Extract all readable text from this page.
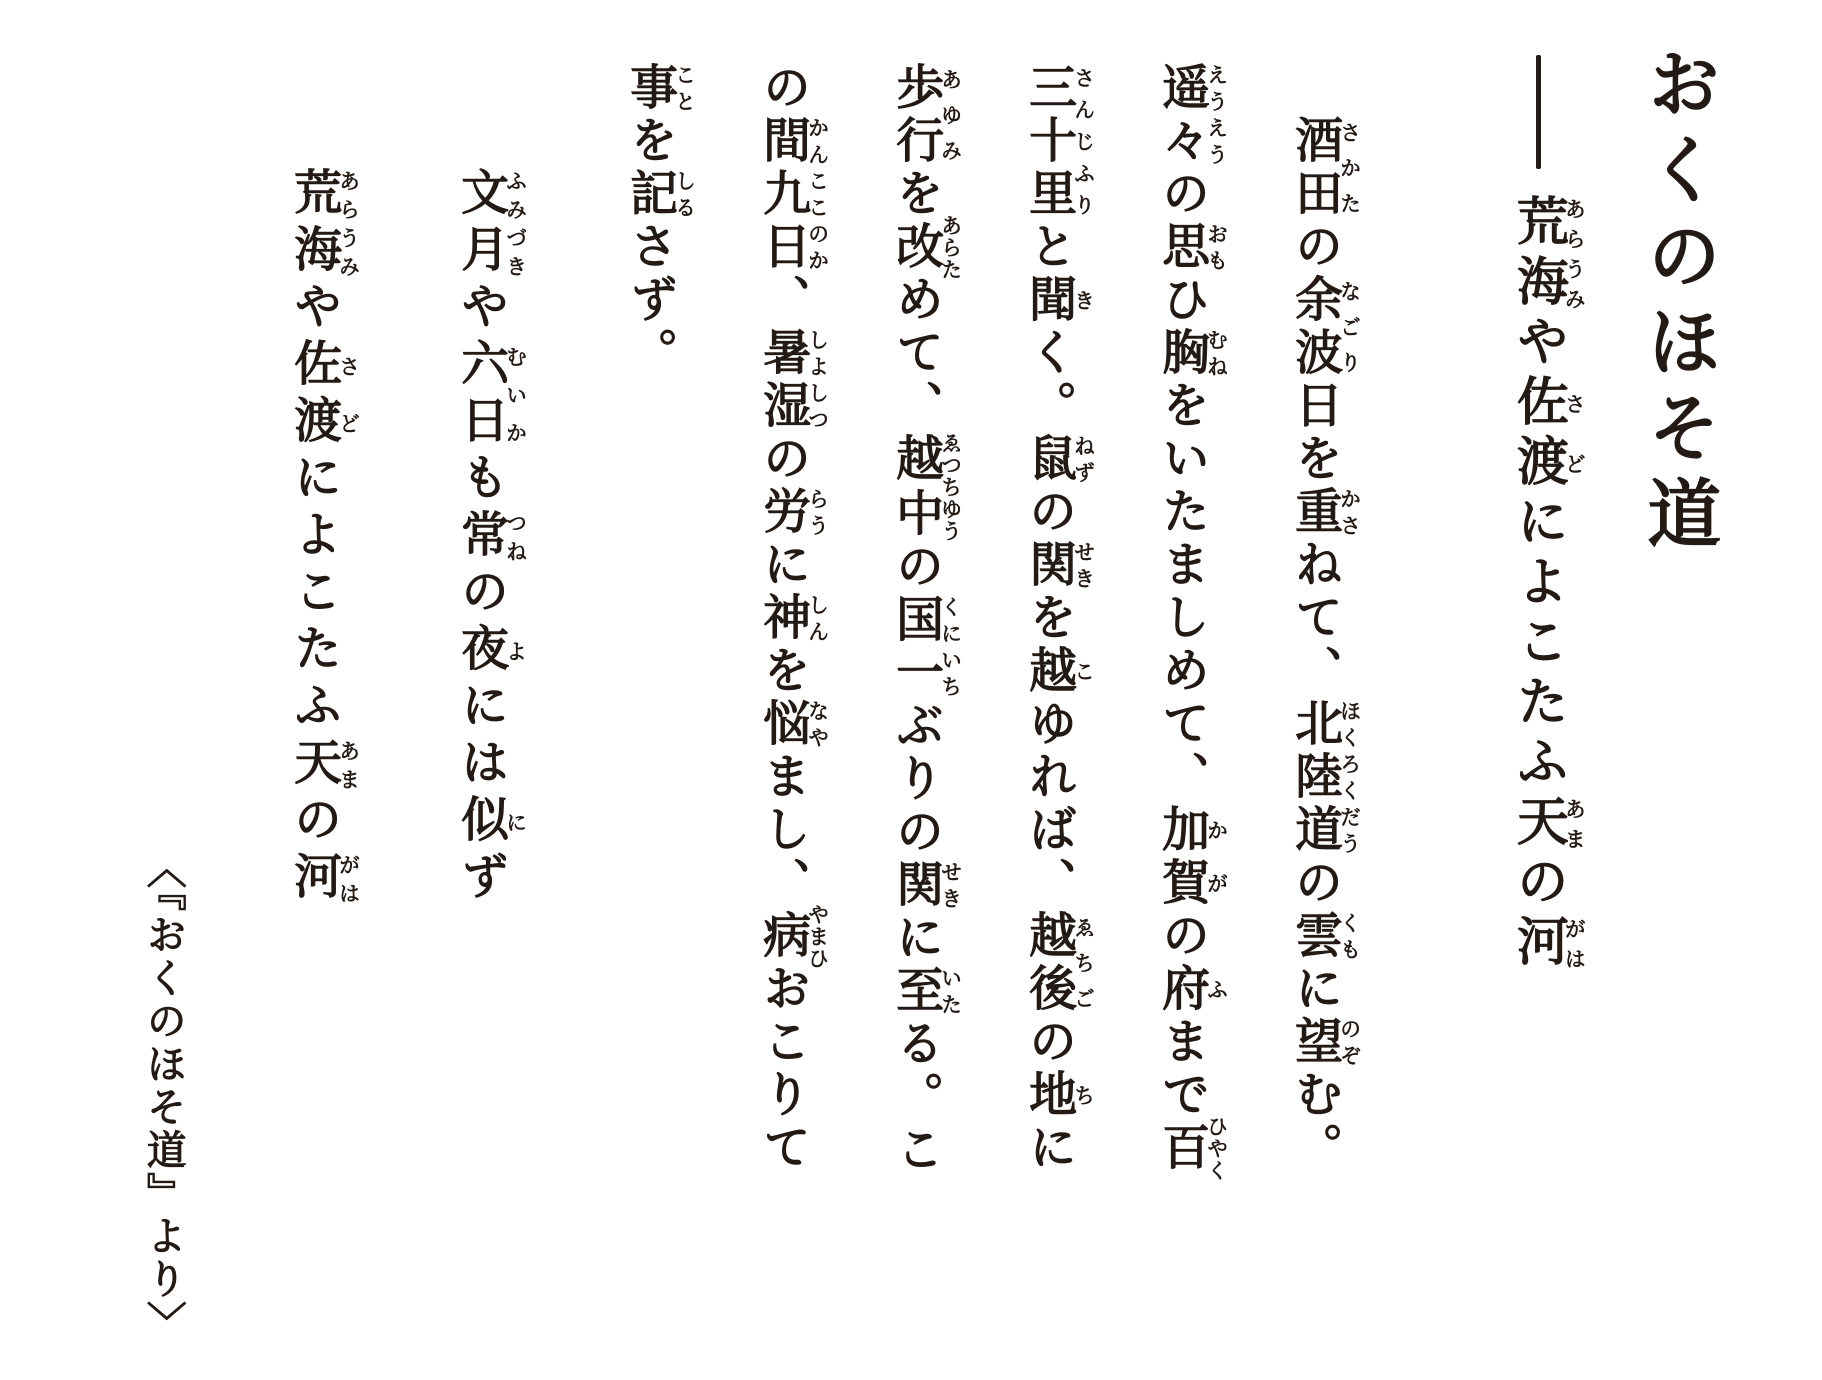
おくのほそ道
荒海あらうみや佐渡さどによこたふ天あまの河がは
酒田さかたの余波なごり日を重かさねて、北陸道ほくろくだうの雲くもに望のぞむ。
遥々えうえうの思おもひ胸むねをいたましめて、加賀かがの府ふまで百ひやく
三十里さんじふりと聞きく。鼠ねずの関せきを越こゆれば、越後ゑちごの地ちに
歩行あゆみを改あらためて、越中ゑつちゆうの国くに一いちぶりの関せきに至いたる。こ
の間かん九日ここのか、暑湿しよしつの労らうに神しんを悩なやまし、病やまひおこりて
事ことを記しるさず。
文月ふみづきや六日むいかも常つねの夜よには似にず
荒海あらうみや佐渡さどによこたふ天あまの河がは
〈『おくのほそ道』より〉
